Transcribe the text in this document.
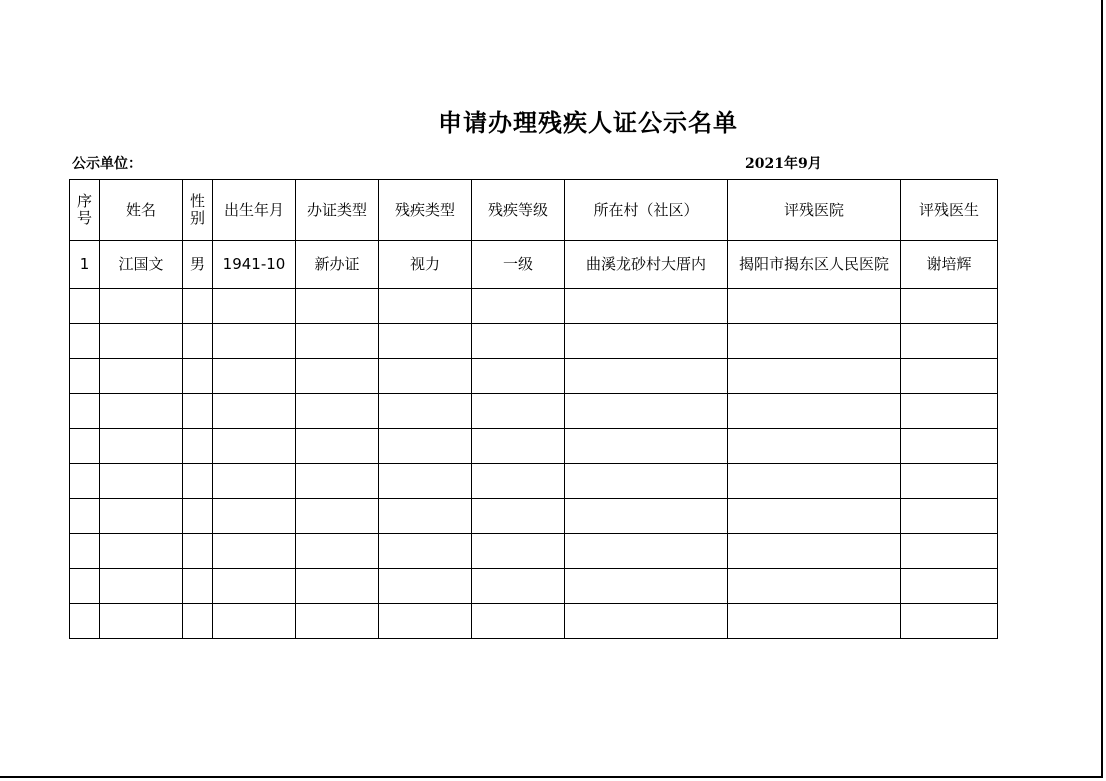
申请办理残疾人证公示名单
公示单位：	2021年9月
序号	姓名	性别	出生年月	办证类型	残疾类型	残疾等级	所在村（社区）	评残医院	评残医生
1	江国文	男	1941-10	新办证	视力	一级	曲溪龙砂村大厝内	揭阳市揭东区人民医院	谢培辉
